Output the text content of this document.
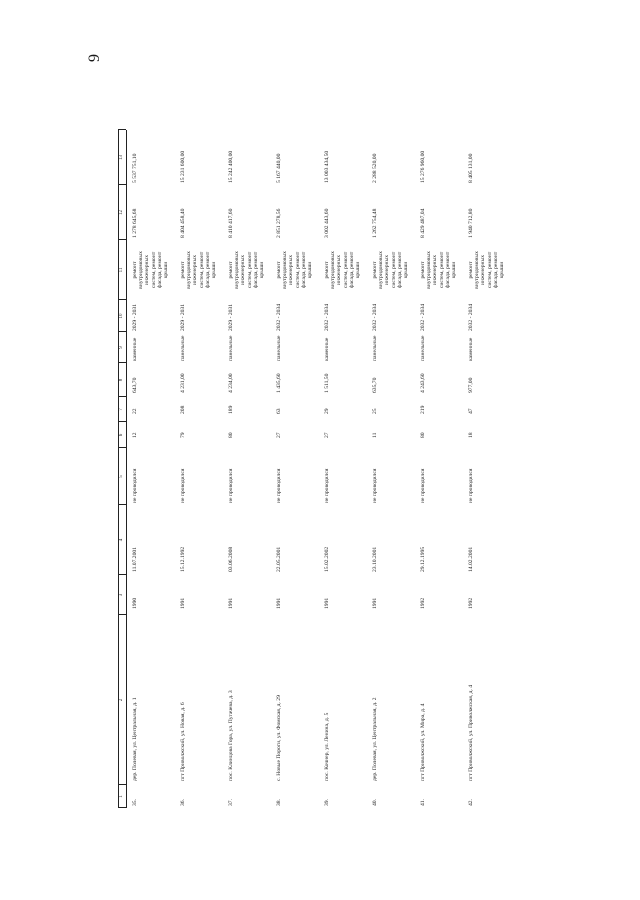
9
1
2
3
4
5
6
7
8
9
10
11
12
13
35.
дер. Полевая, ул. Центральная, д. 1
1990
11.07.2001
не проводился
12
22
643,70
каменные
2029 - 2031
ремонт внутридомовых инженерных систем, ремонт фасада, ремонт крыши
1 278 645,68
5 537 751,10
36.
пгт Приволжский, ул. Новая, д. 6
1991
15.12.1992
не проводился
79
208
4 231,00
панельные
2029 - 2031
ремонт внутридомовых инженерных систем, ремонт фасада, ремонт крыши
8 404 458,40
15 231 600,00
37.
пос. Клинцова Гора, ул. Пугачева, д. 3
1991
03.06.2008
не проводился
80
189
4 234,00
панельные
2029 - 2031
ремонт внутридомовых инженерных систем, ремонт фасада, ремонт крыши
8 410 417,60
15 242 400,00
38.
с. Новые Пороги, ул. Фомская, д. 29
1991
22.05.2001
не проводился
27
63
1 435,60
панельные
2032 - 2034
ремонт внутридомовых инженерных систем, ремонт фасада, ремонт крыши
2 851 278,56
5 167 440,00
39.
пос. Кочнер, ул. Ленина, д. 5
1991
15.02.2002
не проводился
27
29
1 511,50
каменные
2032 - 2034
ремонт внутридомовых инженерных систем, ремонт фасада, ремонт крыши
3 002 443,60
13 003 434,50
40.
дер. Полевая, ул. Центральная, д. 2
1991
23.10.2001
не проводился
11
25
635,70
панельные
2032 - 2034
ремонт внутридомовых инженерных систем, ремонт фасада, ремонт крыши
1 262 754,48
2 288 520,00
41.
пгт Приволжский, ул. Мира, д. 4
1992
29.12.1995
не проводился
80
219
4 243,60
панельные
2032 - 2034
ремонт внутридомовых инженерных систем, ремонт фасада, ремонт крыши
8 429 487,04
15 276 960,00
42.
пгт Приволжский, ул. Приволжская, д. 4
1992
14.02.2001
не проводился
18
47
977,00
каменные
2032 - 2034
ремонт внутридомовых инженерных систем, ремонт фасада, ремонт крыши
1 940 712,80
8 405 131,00
